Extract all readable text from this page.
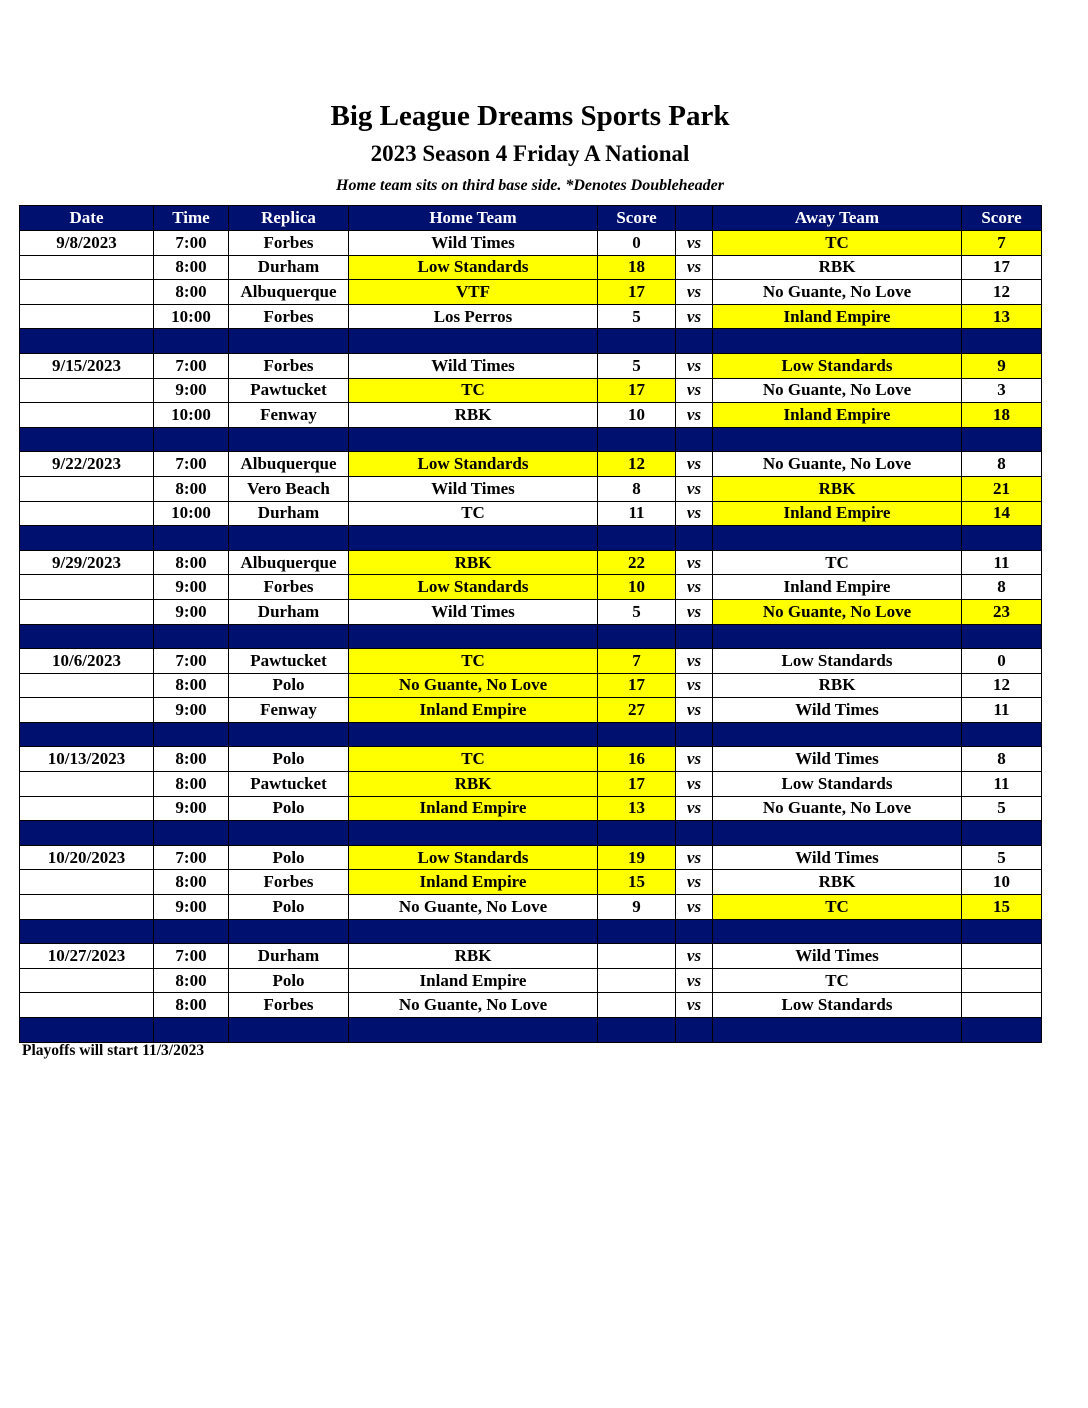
Big League Dreams Sports Park
2023 Season 4 Friday A National
Home team sits on third base side. *Denotes Doubleheader
Date	Time	Replica	Home Team	Score		Away Team	Score
9/8/2023	7:00	Forbes	Wild Times	0	vs	TC	7
	8:00	Durham	Low Standards	18	vs	RBK	17
	8:00	Albuquerque	VTF	17	vs	No Guante, No Love	12
	10:00	Forbes	Los Perros	5	vs	Inland Empire	13

9/15/2023	7:00	Forbes	Wild Times	5	vs	Low Standards	9
	9:00	Pawtucket	TC	17	vs	No Guante, No Love	3
	10:00	Fenway	RBK	10	vs	Inland Empire	18

9/22/2023	7:00	Albuquerque	Low Standards	12	vs	No Guante, No Love	8
	8:00	Vero Beach	Wild Times	8	vs	RBK	21
	10:00	Durham	TC	11	vs	Inland Empire	14

9/29/2023	8:00	Albuquerque	RBK	22	vs	TC	11
	9:00	Forbes	Low Standards	10	vs	Inland Empire	8
	9:00	Durham	Wild Times	5	vs	No Guante, No Love	23

10/6/2023	7:00	Pawtucket	TC	7	vs	Low Standards	0
	8:00	Polo	No Guante, No Love	17	vs	RBK	12
	9:00	Fenway	Inland Empire	27	vs	Wild Times	11

10/13/2023	8:00	Polo	TC	16	vs	Wild Times	8
	8:00	Pawtucket	RBK	17	vs	Low Standards	11
	9:00	Polo	Inland Empire	13	vs	No Guante, No Love	5

10/20/2023	7:00	Polo	Low Standards	19	vs	Wild Times	5
	8:00	Forbes	Inland Empire	15	vs	RBK	10
	9:00	Polo	No Guante, No Love	9	vs	TC	15

10/27/2023	7:00	Durham	RBK		vs	Wild Times	
	8:00	Polo	Inland Empire		vs	TC	
	8:00	Forbes	No Guante, No Love		vs	Low Standards	

Playoffs will start 11/3/2023
